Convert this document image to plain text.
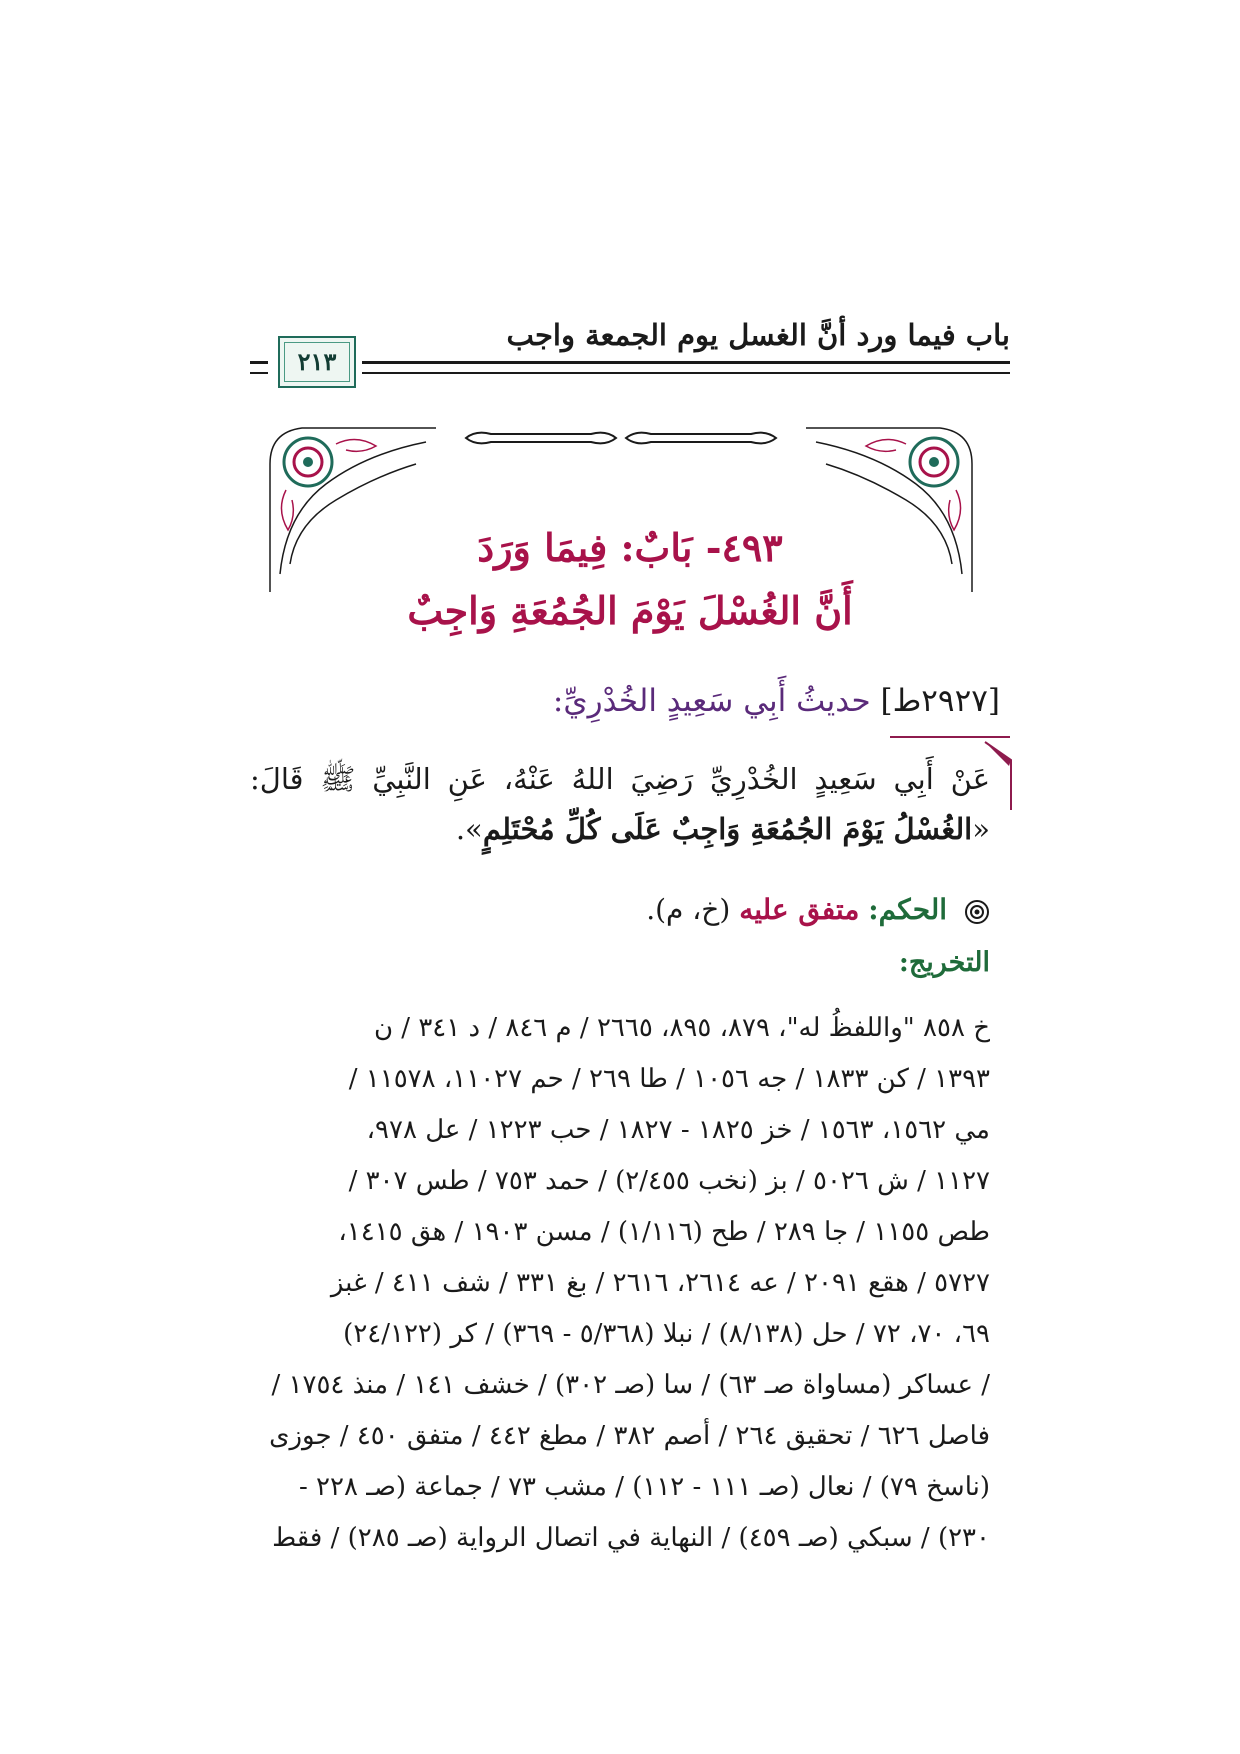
باب فيما ورد أنَّ الغسل يوم الجمعة واجب
٢١٣
٤٩٣- بَابٌ: فِيمَا وَرَدَ
أَنَّ الغُسْلَ يَوْمَ الجُمُعَةِ وَاجِبٌ
[٢٩٢٧ط] حديثُ أَبِي سَعِيدٍ الخُدْرِيِّ:
عَنْ أَبِي سَعِيدٍ الخُدْرِيِّ رَضِيَ اللهُ عَنْهُ، عَنِ النَّبِيِّ ﷺ قَالَ: «الغُسْلُ يَوْمَ الجُمُعَةِ وَاجِبٌ عَلَى كُلِّ مُحْتَلِمٍ».
الحكم: متفق عليه (خ، م).
التخريج:
خ ٨٥٨ "واللفظُ له"، ٨٧٩، ٨٩٥، ٢٦٦٥ / م ٨٤٦ / د ٣٤١ / ن
١٣٩٣ / كن ١٨٣٣ / جه ١٠٥٦ / طا ٢٦٩ / حم ١١٠٢٧، ١١٥٧٨ /
مي ١٥٦٢، ١٥٦٣ / خز ١٨٢٥ - ١٨٢٧ / حب ١٢٢٣ / عل ٩٧٨،
١١٢٧ / ش ٥٠٢٦ / بز (نخب ٢/٤٥٥) / حمد ٧٥٣ / طس ٣٠٧ /
طص ١١٥٥ / جا ٢٨٩ / طح (١/١١٦) / مسن ١٩٠٣ / هق ١٤١٥،
٥٧٢٧ / هقع ٢٠٩١ / عه ٢٦١٤، ٢٦١٦ / بغ ٣٣١ / شف ٤١١ / غبز
٦٩، ٧٠، ٧٢ / حل (٨/١٣٨) / نبلا (٥/٣٦٨ - ٣٦٩) / كر (٢٤/١٢٢)
/ عساكر (مساواة صـ ٦٣) / سا (صـ ٣٠٢) / خشف ١٤١ / منذ ١٧٥٤ /
فاصل ٦٢٦ / تحقيق ٢٦٤ / أصم ٣٨٢ / مطغ ٤٤٢ / متفق ٤٥٠ / جوزى
(ناسخ ٧٩) / نعال (صـ ١١١ - ١١٢) / مشب ٧٣ / جماعة (صـ ٢٢٨ -
٢٣٠) / سبكي (صـ ٤٥٩) / النهاية في اتصال الرواية (صـ ٢٨٥) / فقط
